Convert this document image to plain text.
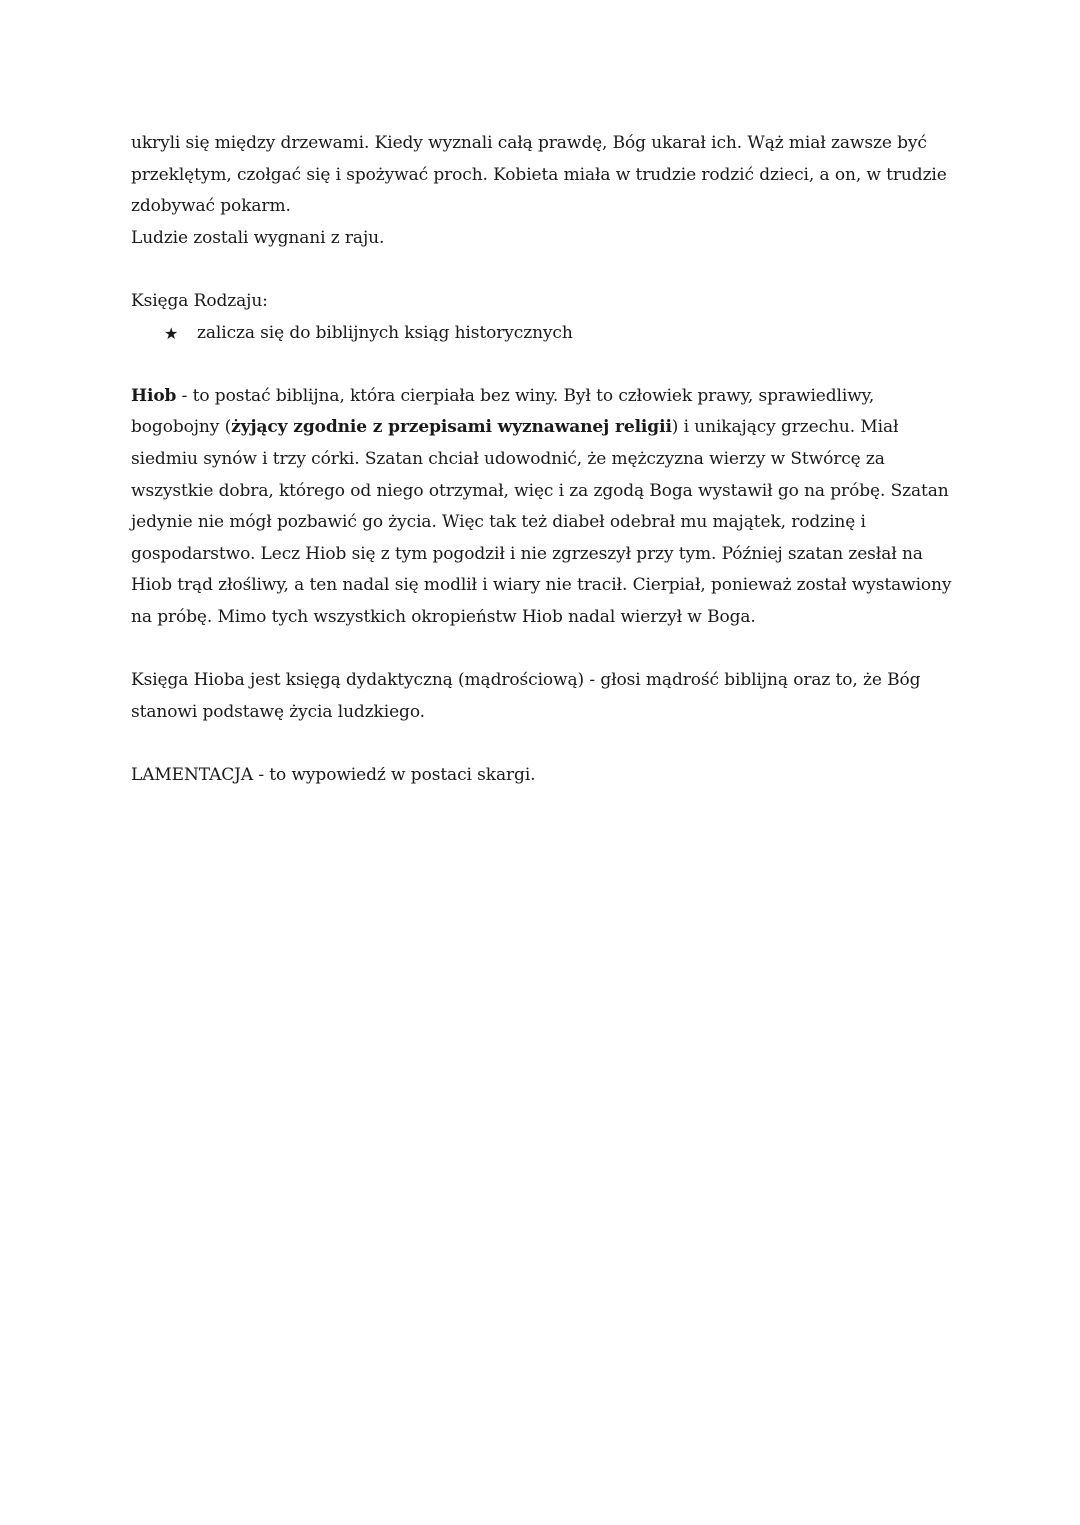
ukryli się między drzewami. Kiedy wyznali całą prawdę, Bóg ukarał ich. Wąż miał zawsze być
przeklętym, czołgać się i spożywać proch. Kobieta miała w trudzie rodzić dzieci, a on, w trudzie
zdobywać pokarm.
Ludzie zostali wygnani z raju.
Księga Rodzaju:
★	zalicza się do biblijnych ksiąg historycznych

Hiob - to postać biblijna, która cierpiała bez winy. Był to człowiek prawy, sprawiedliwy, bogobojny (żyjący zgodnie z przepisami wyznawanej religii) i unikający grzechu. Miał siedmiu synów i trzy córki. Szatan chciał udowodnić, że mężczyzna wierzy w Stwórcę za wszystkie dobra, którego od niego otrzymał, więc i za zgodą Boga wystawił go na próbę. Szatan jedynie nie mógł pozbawić go życia. Więc tak też diabeł odebrał mu majątek, rodzinę i gospodarstwo. Lecz Hiob się z tym pogodził i nie zgrzeszył przy tym. Później szatan zesłał na Hiob trąd złośliwy, a ten nadal się modlił i wiary nie tracił. Cierpiał, ponieważ został wystawiony na próbę. Mimo tych wszystkich okropieństw Hiob nadal wierzył w Boga.

Księga Hioba jest księgą dydaktyczną (mądrościową) - głosi mądrość biblijną oraz to, że Bóg stanowi podstawę życia ludzkiego.

LAMENTACJA - to wypowiedź w postaci skargi.
